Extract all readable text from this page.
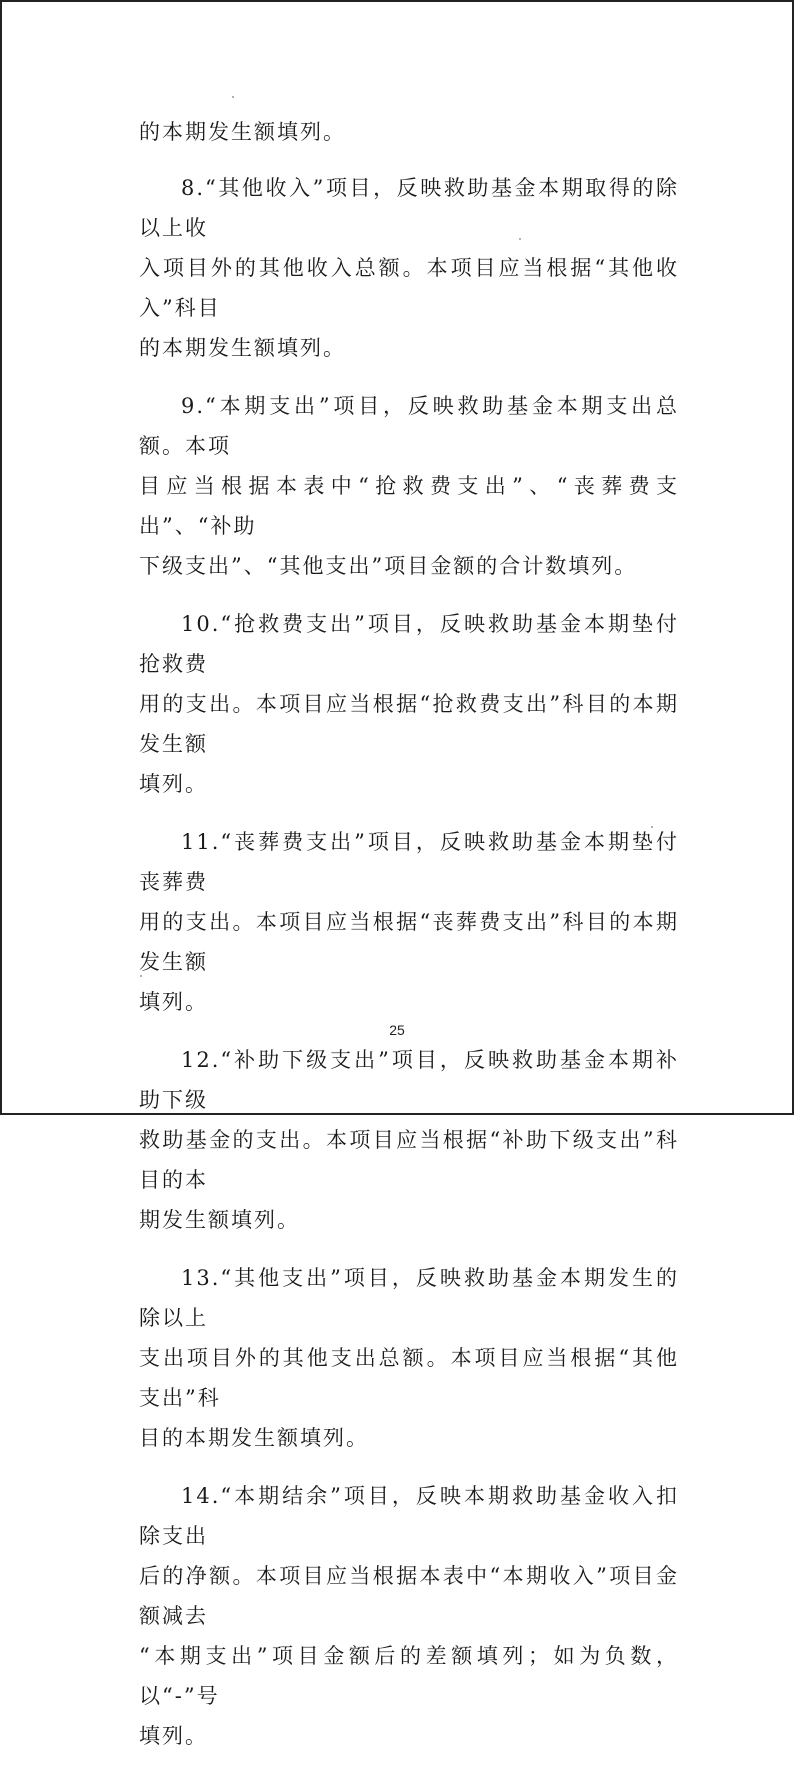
的本期发生额填列。

8.“其他收入”项目，反映救助基金本期取得的除以上收
入项目外的其他收入总额。本项目应当根据“其他收入”科目
的本期发生额填列。

9.“本期支出”项目，反映救助基金本期支出总额。本项
目应当根据本表中“抢救费支出”、“丧葬费支出”、“补助
下级支出”、“其他支出”项目金额的合计数填列。

10.“抢救费支出”项目，反映救助基金本期垫付抢救费
用的支出。本项目应当根据“抢救费支出”科目的本期发生额
填列。

11.“丧葬费支出”项目，反映救助基金本期垫付丧葬费
用的支出。本项目应当根据“丧葬费支出”科目的本期发生额
填列。

12.“补助下级支出”项目，反映救助基金本期补助下级
救助基金的支出。本项目应当根据“补助下级支出”科目的本
期发生额填列。

13.“其他支出”项目，反映救助基金本期发生的除以上
支出项目外的其他支出总额。本项目应当根据“其他支出”科
目的本期发生额填列。

14.“本期结余”项目，反映本期救助基金收入扣除支出
后的净额。本项目应当根据本表中“本期收入”项目金额减去
“本期支出”项目金额后的差额填列；如为负数，以“-”号
填列。

25
